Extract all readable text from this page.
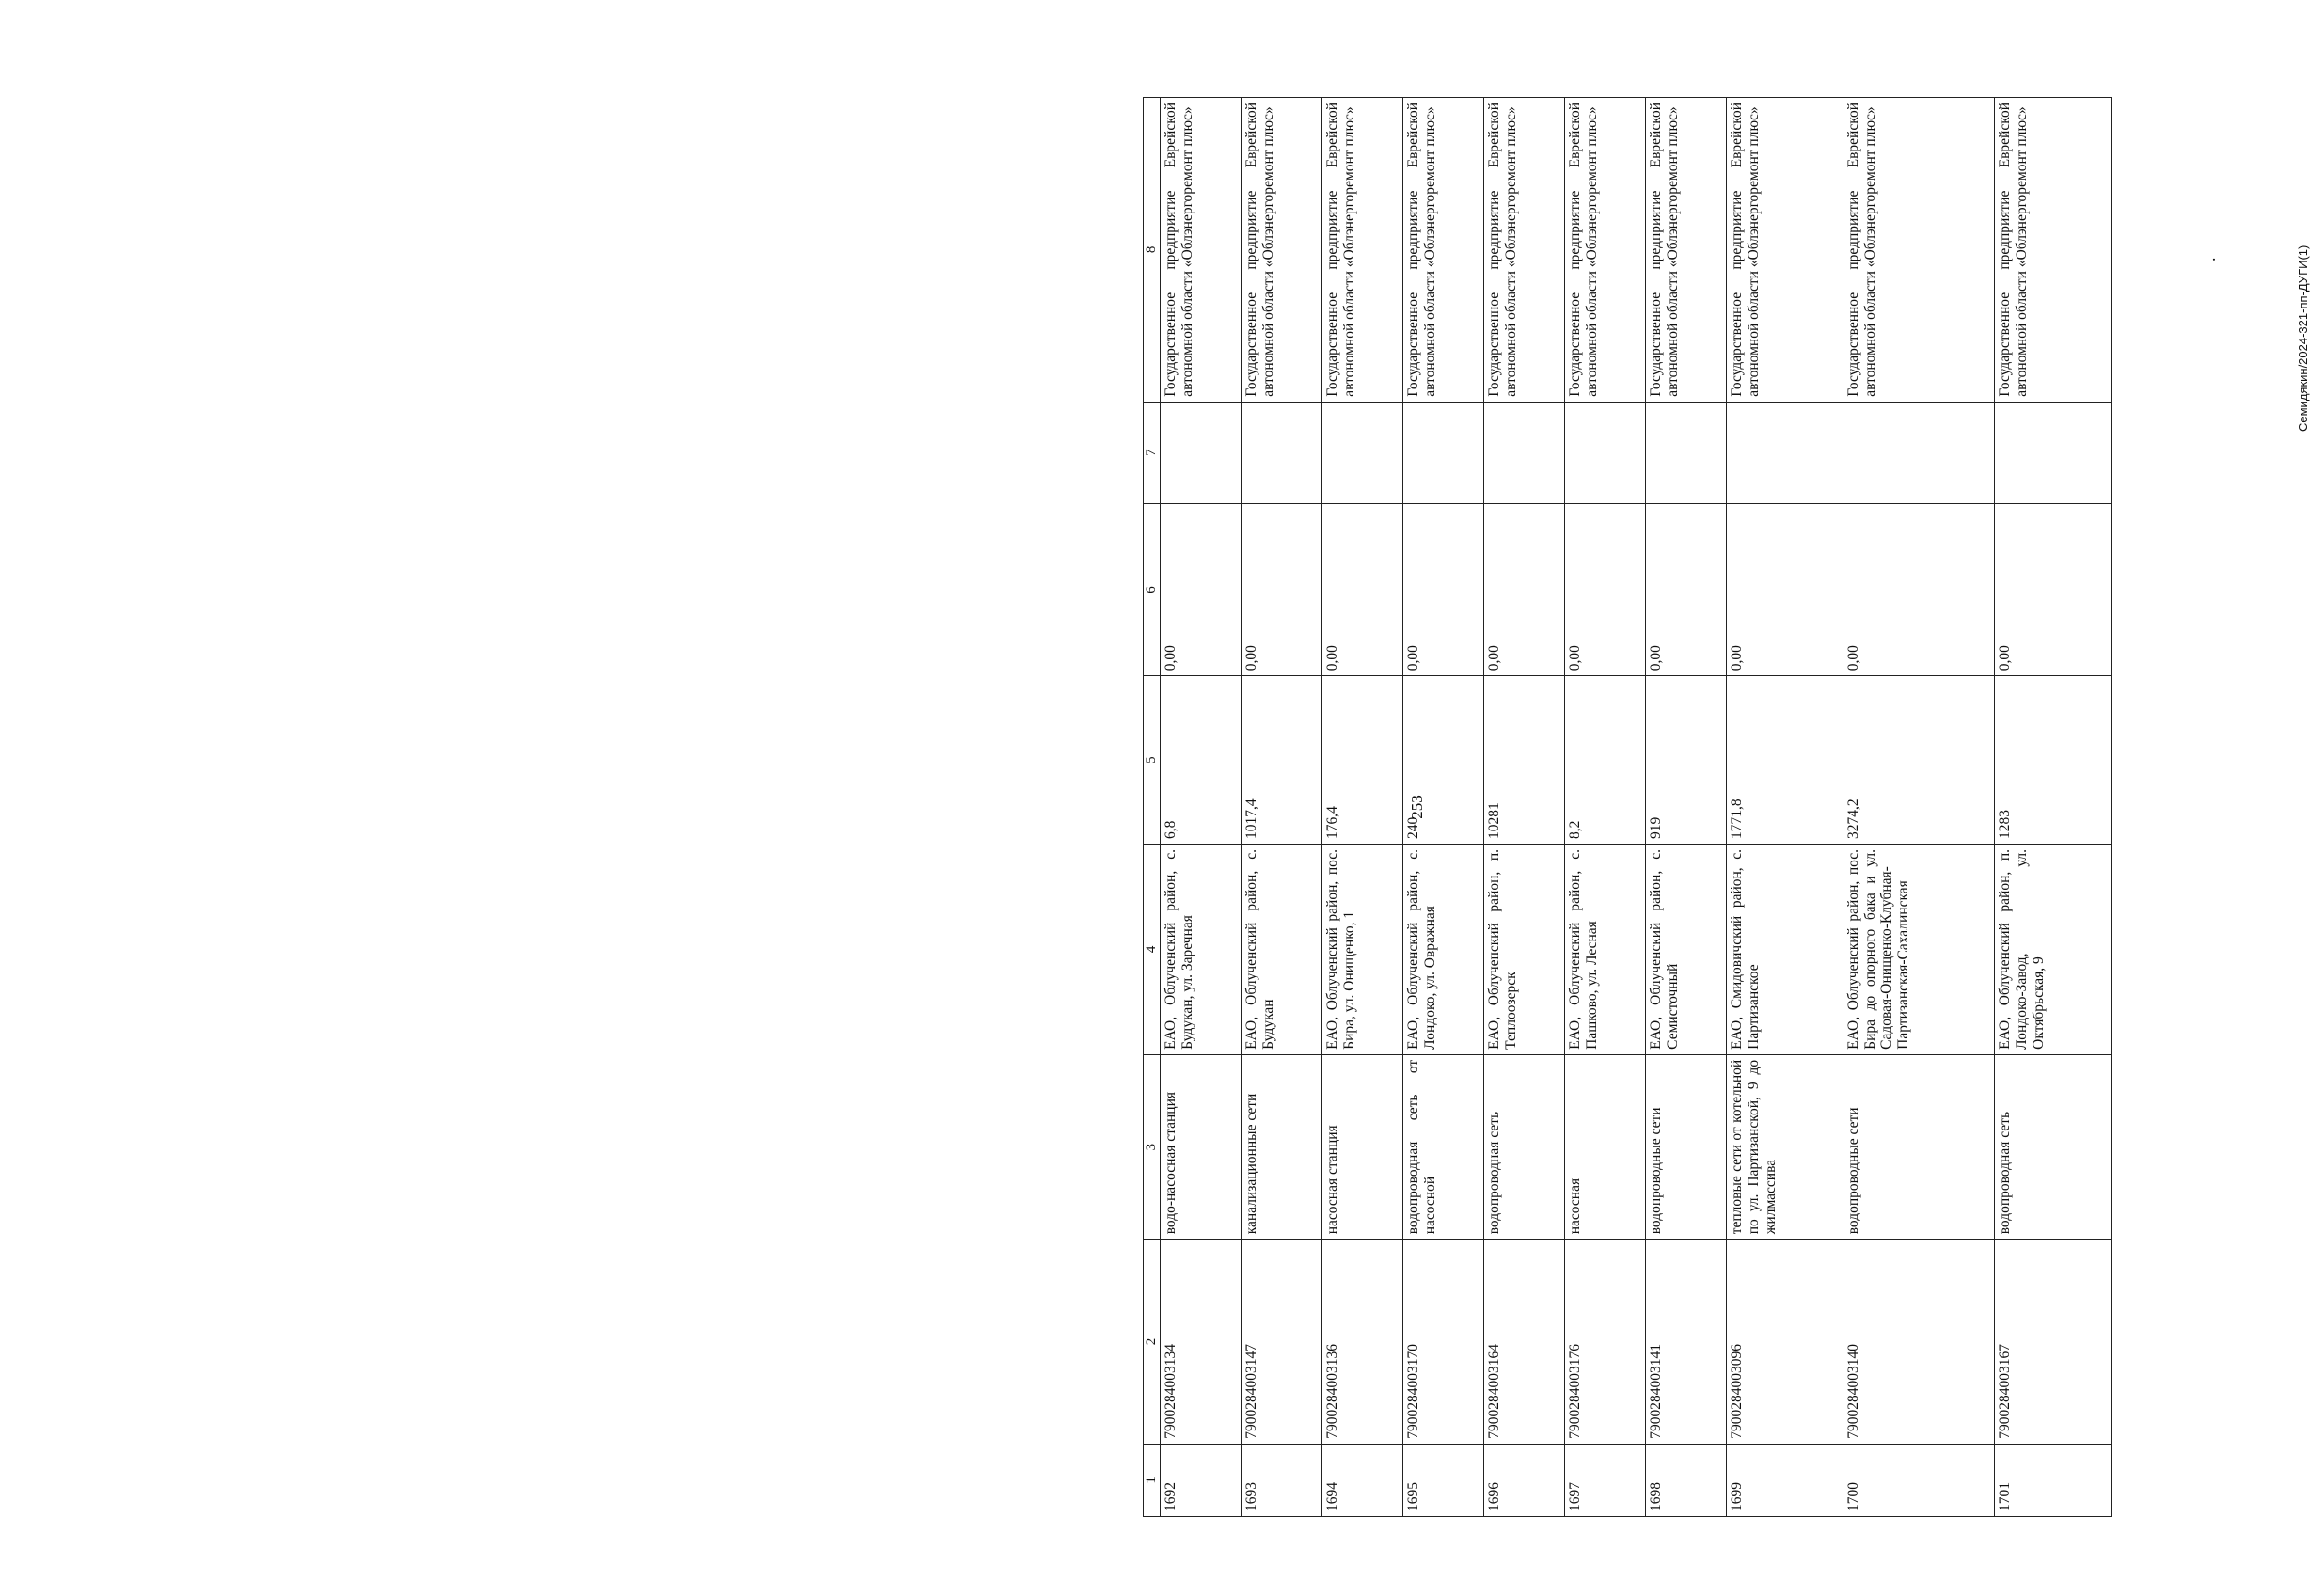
1	2	3	4	5	6	7	8
1692	7900284003134	водо-насосная станция	ЕАО, Облученский район, с. Будукан, ул. Заречная	6,8	0,00		Государственное предприятие Еврейской автономной области «Облэнергоремонт плюс»
1693	7900284003147	канализационные сети	ЕАО, Облученский район, с. Будукан	1017,4	0,00		Государственное предприятие Еврейской автономной области «Облэнергоремонт плюс»
1694	7900284003136	насосная станция	ЕАО, Облученский район, пос. Бира, ул. Онищенко, 1	176,4	0,00		Государственное предприятие Еврейской автономной области «Облэнергоремонт плюс»
1695	7900284003170	водопроводная сеть от насосной	ЕАО, Облученский район, с. Лондоко, ул. Овражная	240	0,00		Государственное предприятие Еврейской автономной области «Облэнергоремонт плюс»
1696	7900284003164	водопроводная сеть	ЕАО, Облученский район, п. Теплоозерск	10281	0,00		Государственное предприятие Еврейской автономной области «Облэнергоремонт плюс»
1697	7900284003176	насосная	ЕАО, Облученский район, с. Пашково, ул. Лесная	8,2	0,00		Государственное предприятие Еврейской автономной области «Облэнергоремонт плюс»
1698	7900284003141	водопроводные сети	ЕАО, Облученский район, с. Семисточный	919	0,00		Государственное предприятие Еврейской автономной области «Облэнергоремонт плюс»
1699	7900284003096	тепловые сети от котельной по ул. Партизанской, 9 до жилмассива	ЕАО, Смидовичский район, с. Партизанское	1771,8	0,00		Государственное предприятие Еврейской автономной области «Облэнергоремонт плюс»
1700	7900284003140	водопроводные сети	ЕАО, Облученский район, пос. Бира до опорного бака и ул. Садовая-Онищенко-Клубная-Партизанская-Сахалинская	3274,2	0,00		Государственное предприятие Еврейской автономной области «Облэнергоремонт плюс»
1701	7900284003167	водопроводная сеть	ЕАО, Облученский район, п. Лондоко-Завод, ул. Октябрьская, 9	1283	0,00		Государственное предприятие Еврейской автономной области «Облэнергоремонт плюс»
253
Семидякин/2024-321-пп-ДУГИ(1)
.
